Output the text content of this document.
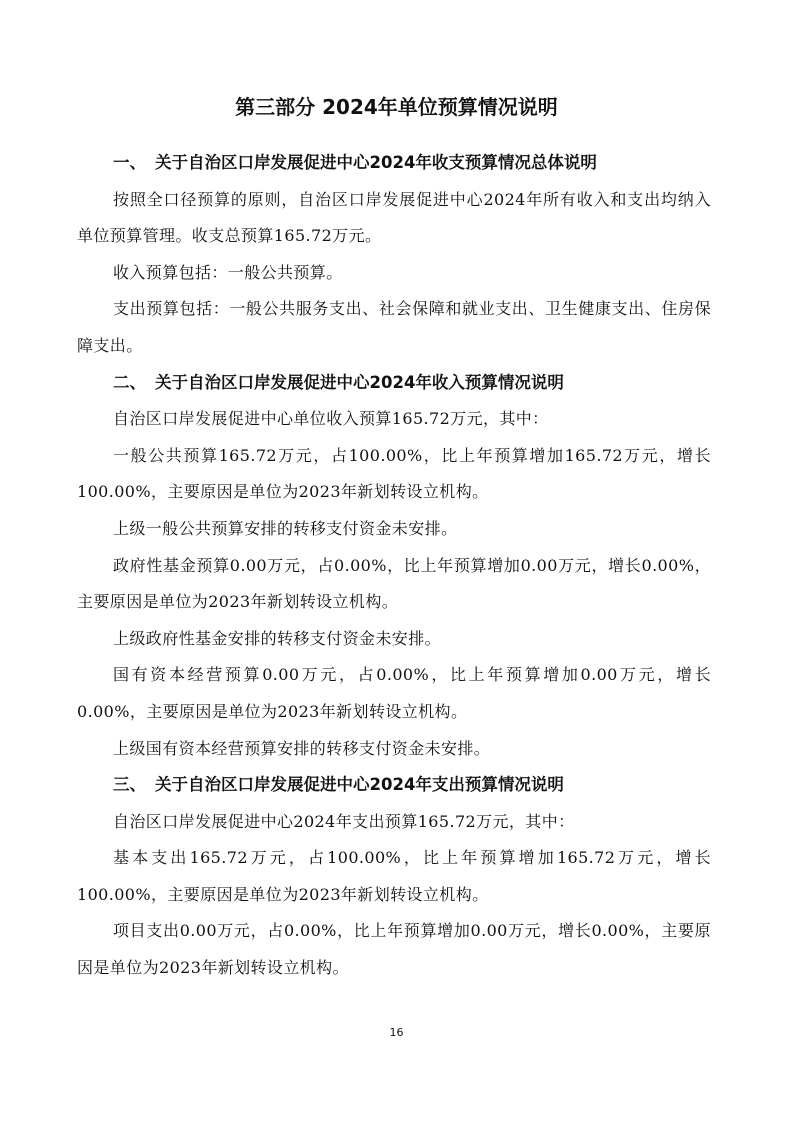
第三部分 2024年单位预算情况说明

一、 关于自治区口岸发展促进中心2024年收支预算情况总体说明

按照全口径预算的原则，自治区口岸发展促进中心2024年所有收入和支出均纳入单位预算管理。收支总预算165.72万元。

收入预算包括：一般公共预算。

支出预算包括：一般公共服务支出、社会保障和就业支出、卫生健康支出、住房保障支出。

二、 关于自治区口岸发展促进中心2024年收入预算情况说明

自治区口岸发展促进中心单位收入预算165.72万元，其中：

一般公共预算165.72万元，占100.00%，比上年预算增加165.72万元，增长100.00%，主要原因是单位为2023年新划转设立机构。

上级一般公共预算安排的转移支付资金未安排。

政府性基金预算0.00万元，占0.00%，比上年预算增加0.00万元，增长0.00%，主要原因是单位为2023年新划转设立机构。

上级政府性基金安排的转移支付资金未安排。

国有资本经营预算0.00万元，占0.00%，比上年预算增加0.00万元，增长0.00%，主要原因是单位为2023年新划转设立机构。

上级国有资本经营预算安排的转移支付资金未安排。

三、 关于自治区口岸发展促进中心2024年支出预算情况说明

自治区口岸发展促进中心2024年支出预算165.72万元，其中：

基本支出165.72万元，占100.00%，比上年预算增加165.72万元，增长100.00%，主要原因是单位为2023年新划转设立机构。

项目支出0.00万元，占0.00%，比上年预算增加0.00万元，增长0.00%，主要原因是单位为2023年新划转设立机构。

16
